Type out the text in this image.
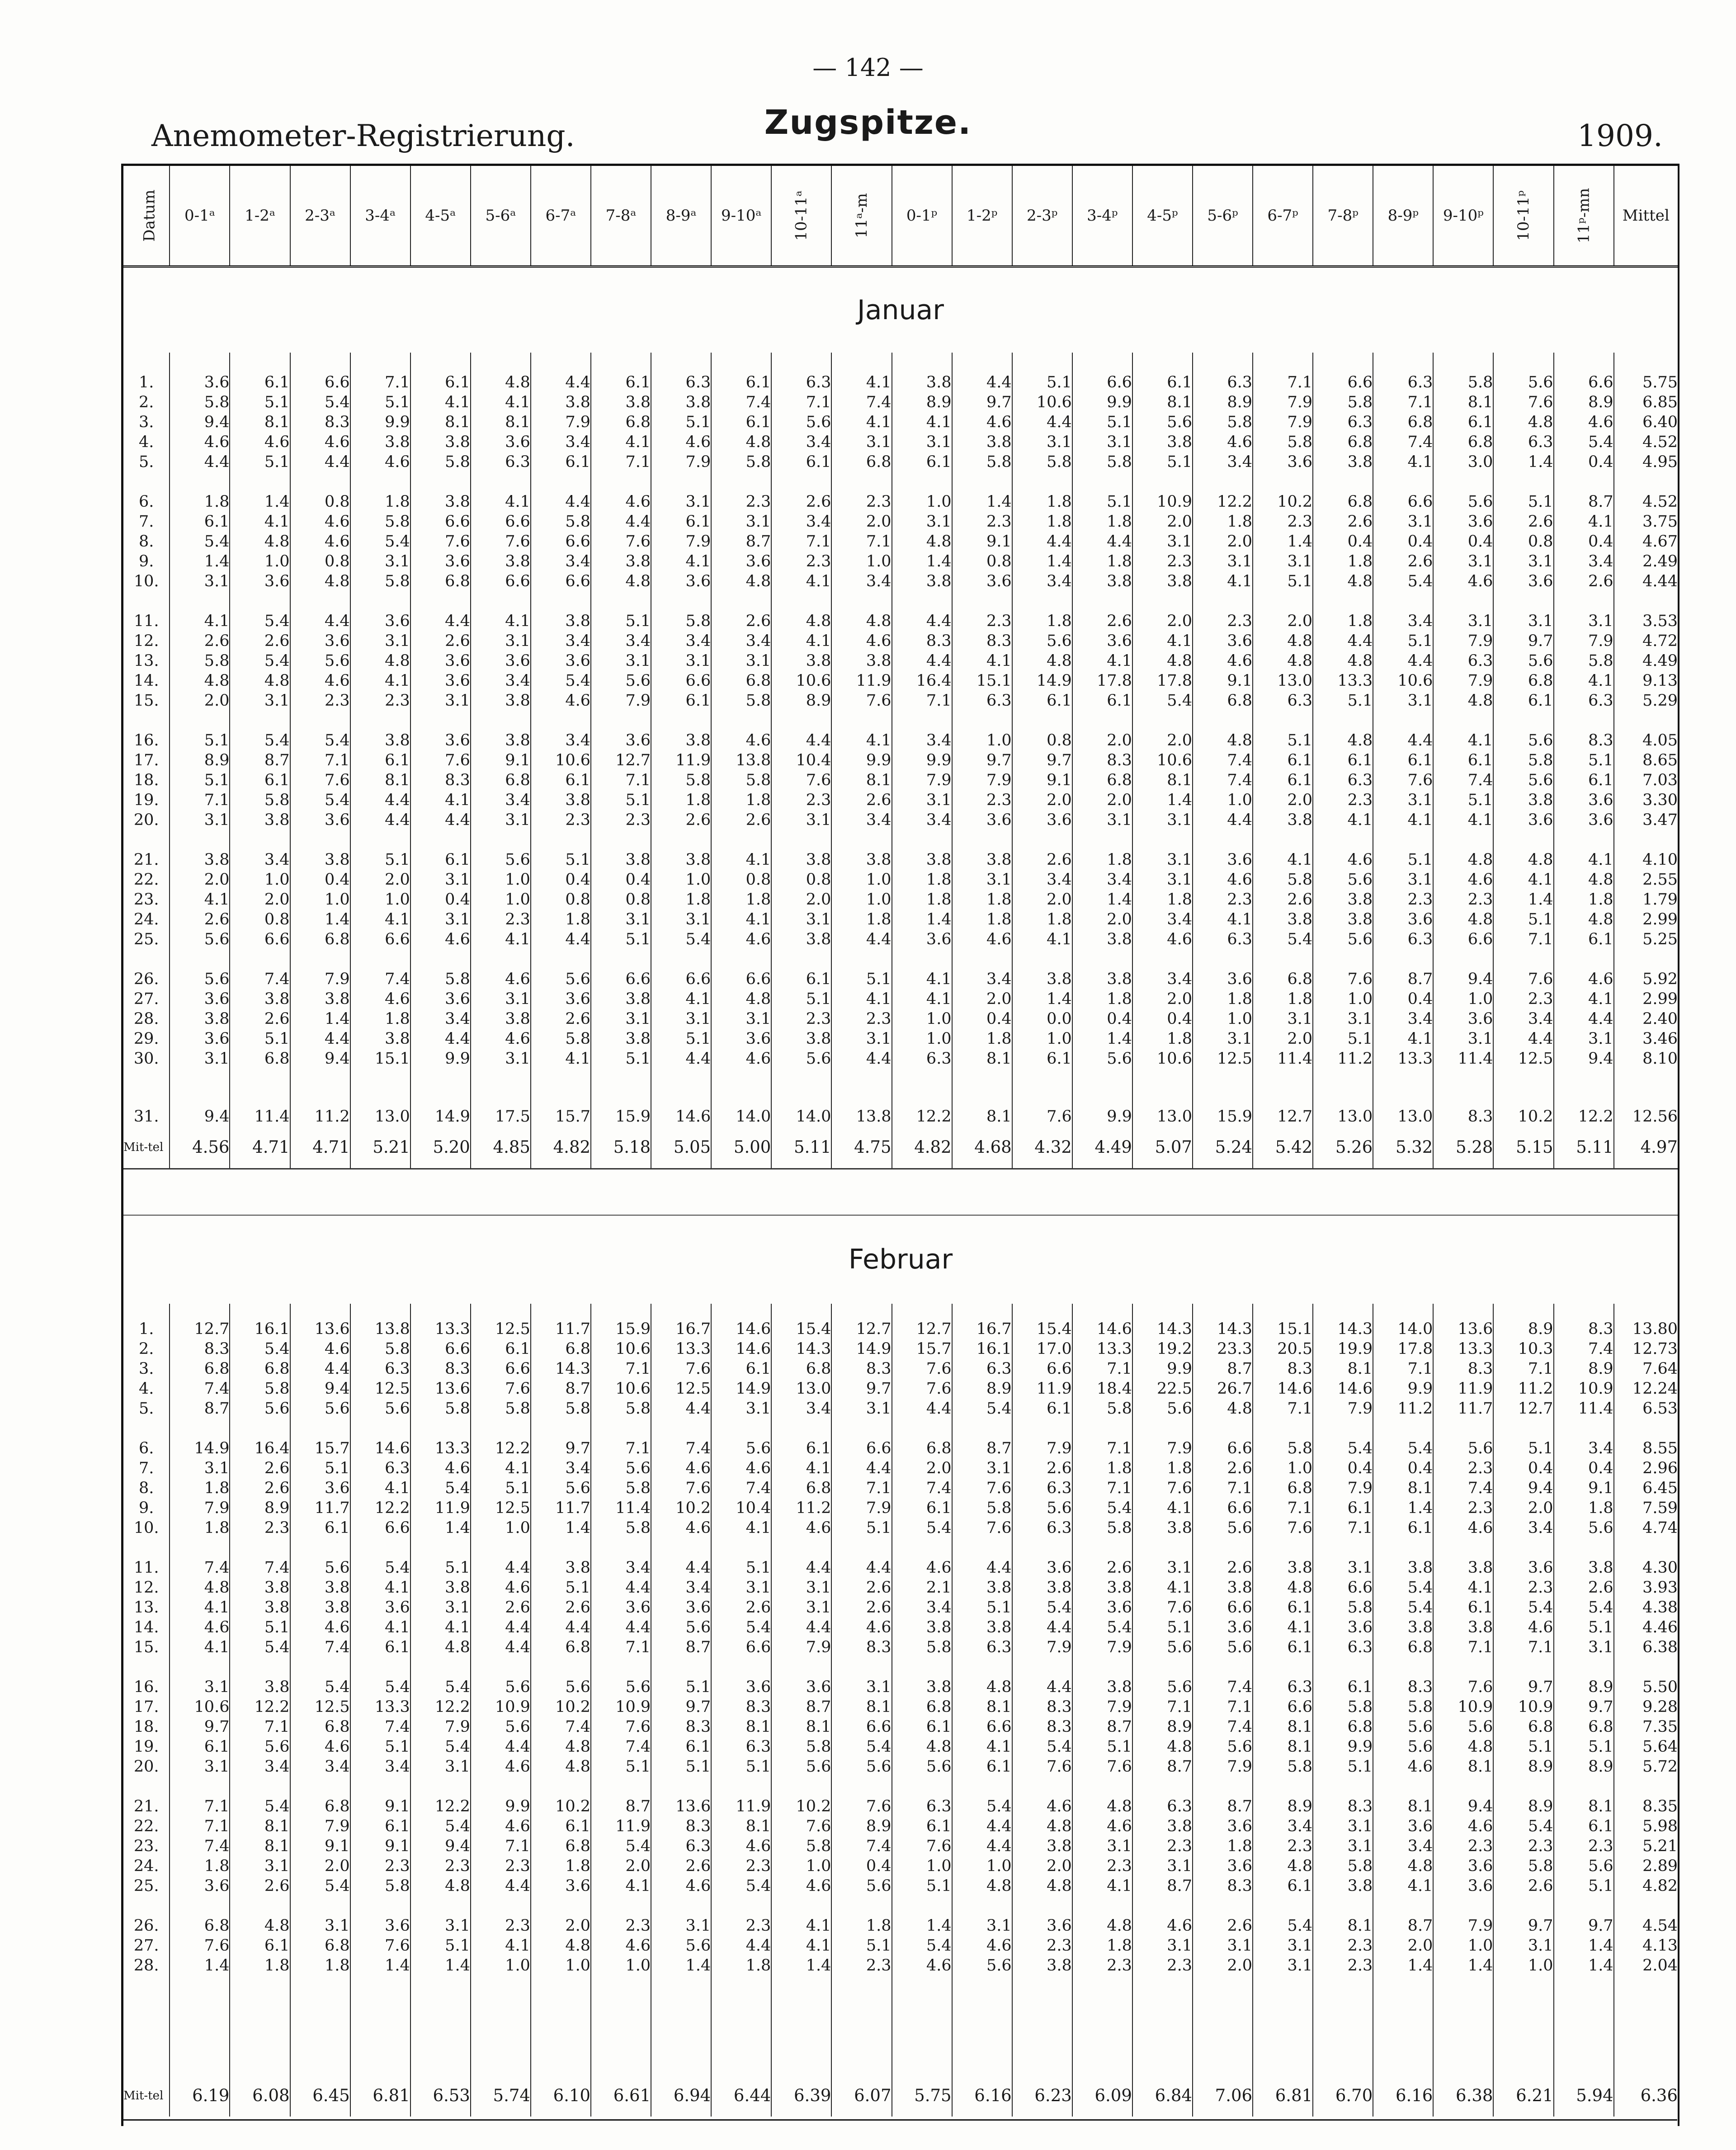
— 142 —
Anemometer-Registrierung.	Zugspitze.	1909.
Datum	0-1ᵃ	1-2ᵃ	2-3ᵃ	3-4ᵃ	4-5ᵃ	5-6ᵃ	6-7ᵃ	7-8ᵃ	8-9ᵃ	9-10ᵃ	10-11ᵃ	11ᵃ-m	0-1ᵖ	1-2ᵖ	2-3ᵖ	3-4ᵖ	4-5ᵖ	5-6ᵖ	6-7ᵖ	7-8ᵖ	8-9ᵖ	9-10ᵖ	10-11ᵖ	11ᵖ-mn	Mittel
Januar																									

1.	3.6	6.1	6.6	7.1	6.1	4.8	4.4	6.1	6.3	6.1	6.3	4.1	3.8	4.4	5.1	6.6	6.1	6.3	7.1	6.6	6.3	5.8	5.6	6.6	5.75
2.	5.8	5.1	5.4	5.1	4.1	4.1	3.8	3.8	3.8	7.4	7.1	7.4	8.9	9.7	10.6	9.9	8.1	8.9	7.9	5.8	7.1	8.1	7.6	8.9	6.85
3.	9.4	8.1	8.3	9.9	8.1	8.1	7.9	6.8	5.1	6.1	5.6	4.1	4.1	4.6	4.4	5.1	5.6	5.8	7.9	6.3	6.8	6.1	4.8	4.6	6.40
4.	4.6	4.6	4.6	3.8	3.8	3.6	3.4	4.1	4.6	4.8	3.4	3.1	3.1	3.8	3.1	3.1	3.8	4.6	5.8	6.8	7.4	6.8	6.3	5.4	4.52
5.	4.4	5.1	4.4	4.6	5.8	6.3	6.1	7.1	7.9	5.8	6.1	6.8	6.1	5.8	5.8	5.8	5.1	3.4	3.6	3.8	4.1	3.0	1.4	0.4	4.95

6.	1.8	1.4	0.8	1.8	3.8	4.1	4.4	4.6	3.1	2.3	2.6	2.3	1.0	1.4	1.8	5.1	10.9	12.2	10.2	6.8	6.6	5.6	5.1	8.7	4.52
7.	6.1	4.1	4.6	5.8	6.6	6.6	5.8	4.4	6.1	3.1	3.4	2.0	3.1	2.3	1.8	1.8	2.0	1.8	2.3	2.6	3.1	3.6	2.6	4.1	3.75
8.	5.4	4.8	4.6	5.4	7.6	7.6	6.6	7.6	7.9	8.7	7.1	7.1	4.8	9.1	4.4	4.4	3.1	2.0	1.4	0.4	0.4	0.4	0.8	0.4	4.67
9.	1.4	1.0	0.8	3.1	3.6	3.8	3.4	3.8	4.1	3.6	2.3	1.0	1.4	0.8	1.4	1.8	2.3	3.1	3.1	1.8	2.6	3.1	3.1	3.4	2.49
10.	3.1	3.6	4.8	5.8	6.8	6.6	6.6	4.8	3.6	4.8	4.1	3.4	3.8	3.6	3.4	3.8	3.8	4.1	5.1	4.8	5.4	4.6	3.6	2.6	4.44

11.	4.1	5.4	4.4	3.6	4.4	4.1	3.8	5.1	5.8	2.6	4.8	4.8	4.4	2.3	1.8	2.6	2.0	2.3	2.0	1.8	3.4	3.1	3.1	3.1	3.53
12.	2.6	2.6	3.6	3.1	2.6	3.1	3.4	3.4	3.4	3.4	4.1	4.6	8.3	8.3	5.6	3.6	4.1	3.6	4.8	4.4	5.1	7.9	9.7	7.9	4.72
13.	5.8	5.4	5.6	4.8	3.6	3.6	3.6	3.1	3.1	3.1	3.8	3.8	4.4	4.1	4.8	4.1	4.8	4.6	4.8	4.8	4.4	6.3	5.6	5.8	4.49
14.	4.8	4.8	4.6	4.1	3.6	3.4	5.4	5.6	6.6	6.8	10.6	11.9	16.4	15.1	14.9	17.8	17.8	9.1	13.0	13.3	10.6	7.9	6.8	4.1	9.13
15.	2.0	3.1	2.3	2.3	3.1	3.8	4.6	7.9	6.1	5.8	8.9	7.6	7.1	6.3	6.1	6.1	5.4	6.8	6.3	5.1	3.1	4.8	6.1	6.3	5.29

16.	5.1	5.4	5.4	3.8	3.6	3.8	3.4	3.6	3.8	4.6	4.4	4.1	3.4	1.0	0.8	2.0	2.0	4.8	5.1	4.8	4.4	4.1	5.6	8.3	4.05
17.	8.9	8.7	7.1	6.1	7.6	9.1	10.6	12.7	11.9	13.8	10.4	9.9	9.9	9.7	9.7	8.3	10.6	7.4	6.1	6.1	6.1	6.1	5.8	5.1	8.65
18.	5.1	6.1	7.6	8.1	8.3	6.8	6.1	7.1	5.8	5.8	7.6	8.1	7.9	7.9	9.1	6.8	8.1	7.4	6.1	6.3	7.6	7.4	5.6	6.1	7.03
19.	7.1	5.8	5.4	4.4	4.1	3.4	3.8	5.1	1.8	1.8	2.3	2.6	3.1	2.3	2.0	2.0	1.4	1.0	2.0	2.3	3.1	5.1	3.8	3.6	3.30
20.	3.1	3.8	3.6	4.4	4.4	3.1	2.3	2.3	2.6	2.6	3.1	3.4	3.4	3.6	3.6	3.1	3.1	4.4	3.8	4.1	4.1	4.1	3.6	3.6	3.47

21.	3.8	3.4	3.8	5.1	6.1	5.6	5.1	3.8	3.8	4.1	3.8	3.8	3.8	3.8	2.6	1.8	3.1	3.6	4.1	4.6	5.1	4.8	4.8	4.1	4.10
22.	2.0	1.0	0.4	2.0	3.1	1.0	0.4	0.4	1.0	0.8	0.8	1.0	1.8	3.1	3.4	3.4	3.1	4.6	5.8	5.6	3.1	4.6	4.1	4.8	2.55
23.	4.1	2.0	1.0	1.0	0.4	1.0	0.8	0.8	1.8	1.8	2.0	1.0	1.8	1.8	2.0	1.4	1.8	2.3	2.6	3.8	2.3	2.3	1.4	1.8	1.79
24.	2.6	0.8	1.4	4.1	3.1	2.3	1.8	3.1	3.1	4.1	3.1	1.8	1.4	1.8	1.8	2.0	3.4	4.1	3.8	3.8	3.6	4.8	5.1	4.8	2.99
25.	5.6	6.6	6.8	6.6	4.6	4.1	4.4	5.1	5.4	4.6	3.8	4.4	3.6	4.6	4.1	3.8	4.6	6.3	5.4	5.6	6.3	6.6	7.1	6.1	5.25

26.	5.6	7.4	7.9	7.4	5.8	4.6	5.6	6.6	6.6	6.6	6.1	5.1	4.1	3.4	3.8	3.8	3.4	3.6	6.8	7.6	8.7	9.4	7.6	4.6	5.92
27.	3.6	3.8	3.8	4.6	3.6	3.1	3.6	3.8	4.1	4.8	5.1	4.1	4.1	2.0	1.4	1.8	2.0	1.8	1.8	1.0	0.4	1.0	2.3	4.1	2.99
28.	3.8	2.6	1.4	1.8	3.4	3.8	2.6	3.1	3.1	3.1	2.3	2.3	1.0	0.4	0.0	0.4	0.4	1.0	3.1	3.1	3.4	3.6	3.4	4.4	2.40
29.	3.6	5.1	4.4	3.8	4.4	4.6	5.8	3.8	5.1	3.6	3.8	3.1	1.0	1.8	1.0	1.4	1.8	3.1	2.0	5.1	4.1	3.1	4.4	3.1	3.46
30.	3.1	6.8	9.4	15.1	9.9	3.1	4.1	5.1	4.4	4.6	5.6	4.4	6.3	8.1	6.1	5.6	10.6	12.5	11.4	11.2	13.3	11.4	12.5	9.4	8.10

31.	9.4	11.4	11.2	13.0	14.9	17.5	15.7	15.9	14.6	14.0	14.0	13.8	12.2	8.1	7.6	9.9	13.0	15.9	12.7	13.0	13.0	8.3	10.2	12.2	12.56
Mit-tel	4.56	4.71	4.71	5.21	5.20	4.85	4.82	5.18	5.05	5.00	5.11	4.75	4.82	4.68	4.32	4.49	5.07	5.24	5.42	5.26	5.32	5.28	5.15	5.11	4.97

Februar																									

1.	12.7	16.1	13.6	13.8	13.3	12.5	11.7	15.9	16.7	14.6	15.4	12.7	12.7	16.7	15.4	14.6	14.3	14.3	15.1	14.3	14.0	13.6	8.9	8.3	13.80
2.	8.3	5.4	4.6	5.8	6.6	6.1	6.8	10.6	13.3	14.6	14.3	14.9	15.7	16.1	17.0	13.3	19.2	23.3	20.5	19.9	17.8	13.3	10.3	7.4	12.73
3.	6.8	6.8	4.4	6.3	8.3	6.6	14.3	7.1	7.6	6.1	6.8	8.3	7.6	6.3	6.6	7.1	9.9	8.7	8.3	8.1	7.1	8.3	7.1	8.9	7.64
4.	7.4	5.8	9.4	12.5	13.6	7.6	8.7	10.6	12.5	14.9	13.0	9.7	7.6	8.9	11.9	18.4	22.5	26.7	14.6	14.6	9.9	11.9	11.2	10.9	12.24
5.	8.7	5.6	5.6	5.6	5.8	5.8	5.8	5.8	4.4	3.1	3.4	3.1	4.4	5.4	6.1	5.8	5.6	4.8	7.1	7.9	11.2	11.7	12.7	11.4	6.53

6.	14.9	16.4	15.7	14.6	13.3	12.2	9.7	7.1	7.4	5.6	6.1	6.6	6.8	8.7	7.9	7.1	7.9	6.6	5.8	5.4	5.4	5.6	5.1	3.4	8.55
7.	3.1	2.6	5.1	6.3	4.6	4.1	3.4	5.6	4.6	4.6	4.1	4.4	2.0	3.1	2.6	1.8	1.8	2.6	1.0	0.4	0.4	2.3	0.4	0.4	2.96
8.	1.8	2.6	3.6	4.1	5.4	5.1	5.6	5.8	7.6	7.4	6.8	7.1	7.4	7.6	6.3	7.1	7.6	7.1	6.8	7.9	8.1	7.4	9.4	9.1	6.45
9.	7.9	8.9	11.7	12.2	11.9	12.5	11.7	11.4	10.2	10.4	11.2	7.9	6.1	5.8	5.6	5.4	4.1	6.6	7.1	6.1	1.4	2.3	2.0	1.8	7.59
10.	1.8	2.3	6.1	6.6	1.4	1.0	1.4	5.8	4.6	4.1	4.6	5.1	5.4	7.6	6.3	5.8	3.8	5.6	7.6	7.1	6.1	4.6	3.4	5.6	4.74

11.	7.4	7.4	5.6	5.4	5.1	4.4	3.8	3.4	4.4	5.1	4.4	4.4	4.6	4.4	3.6	2.6	3.1	2.6	3.8	3.1	3.8	3.8	3.6	3.8	4.30
12.	4.8	3.8	3.8	4.1	3.8	4.6	5.1	4.4	3.4	3.1	3.1	2.6	2.1	3.8	3.8	3.8	4.1	3.8	4.8	6.6	5.4	4.1	2.3	2.6	3.93
13.	4.1	3.8	3.8	3.6	3.1	2.6	2.6	3.6	3.6	2.6	3.1	2.6	3.4	5.1	5.4	3.6	7.6	6.6	6.1	5.8	5.4	6.1	5.4	5.4	4.38
14.	4.6	5.1	4.6	4.1	4.1	4.4	4.4	4.4	5.6	5.4	4.4	4.6	3.8	3.8	4.4	5.4	5.1	3.6	4.1	3.6	3.8	3.8	4.6	5.1	4.46
15.	4.1	5.4	7.4	6.1	4.8	4.4	6.8	7.1	8.7	6.6	7.9	8.3	5.8	6.3	7.9	7.9	5.6	5.6	6.1	6.3	6.8	7.1	7.1	3.1	6.38

16.	3.1	3.8	5.4	5.4	5.4	5.6	5.6	5.6	5.1	3.6	3.6	3.1	3.8	4.8	4.4	3.8	5.6	7.4	6.3	6.1	8.3	7.6	9.7	8.9	5.50
17.	10.6	12.2	12.5	13.3	12.2	10.9	10.2	10.9	9.7	8.3	8.7	8.1	6.8	8.1	8.3	7.9	7.1	7.1	6.6	5.8	5.8	10.9	10.9	9.7	9.28
18.	9.7	7.1	6.8	7.4	7.9	5.6	7.4	7.6	8.3	8.1	8.1	6.6	6.1	6.6	8.3	8.7	8.9	7.4	8.1	6.8	5.6	5.6	6.8	6.8	7.35
19.	6.1	5.6	4.6	5.1	5.4	4.4	4.8	7.4	6.1	6.3	5.8	5.4	4.8	4.1	5.4	5.1	4.8	5.6	8.1	9.9	5.6	4.8	5.1	5.1	5.64
20.	3.1	3.4	3.4	3.4	3.1	4.6	4.8	5.1	5.1	5.1	5.6	5.6	5.6	6.1	7.6	7.6	8.7	7.9	5.8	5.1	4.6	8.1	8.9	8.9	5.72

21.	7.1	5.4	6.8	9.1	12.2	9.9	10.2	8.7	13.6	11.9	10.2	7.6	6.3	5.4	4.6	4.8	6.3	8.7	8.9	8.3	8.1	9.4	8.9	8.1	8.35
22.	7.1	8.1	7.9	6.1	5.4	4.6	6.1	11.9	8.3	8.1	7.6	8.9	6.1	4.4	4.8	4.6	3.8	3.6	3.4	3.1	3.6	4.6	5.4	6.1	5.98
23.	7.4	8.1	9.1	9.1	9.4	7.1	6.8	5.4	6.3	4.6	5.8	7.4	7.6	4.4	3.8	3.1	2.3	1.8	2.3	3.1	3.4	2.3	2.3	2.3	5.21
24.	1.8	3.1	2.0	2.3	2.3	2.3	1.8	2.0	2.6	2.3	1.0	0.4	1.0	1.0	2.0	2.3	3.1	3.6	4.8	5.8	4.8	3.6	5.8	5.6	2.89
25.	3.6	2.6	5.4	5.8	4.8	4.4	3.6	4.1	4.6	5.4	4.6	5.6	5.1	4.8	4.8	4.1	8.7	8.3	6.1	3.8	4.1	3.6	2.6	5.1	4.82

26.	6.8	4.8	3.1	3.6	3.1	2.3	2.0	2.3	3.1	2.3	4.1	1.8	1.4	3.1	3.6	4.8	4.6	2.6	5.4	8.1	8.7	7.9	9.7	9.7	4.54
27.	7.6	6.1	6.8	7.6	5.1	4.1	4.8	4.6	5.6	4.4	4.1	5.1	5.4	4.6	2.3	1.8	3.1	3.1	3.1	2.3	2.0	1.0	3.1	1.4	4.13
28.	1.4	1.8	1.8	1.4	1.4	1.0	1.0	1.0	1.4	1.8	1.4	2.3	4.6	5.6	3.8	2.3	2.3	2.0	3.1	2.3	1.4	1.4	1.0	1.4	2.04

Mit-tel	6.19	6.08	6.45	6.81	6.53	5.74	6.10	6.61	6.94	6.44	6.39	6.07	5.75	6.16	6.23	6.09	6.84	7.06	6.81	6.70	6.16	6.38	6.21	5.94	6.36
